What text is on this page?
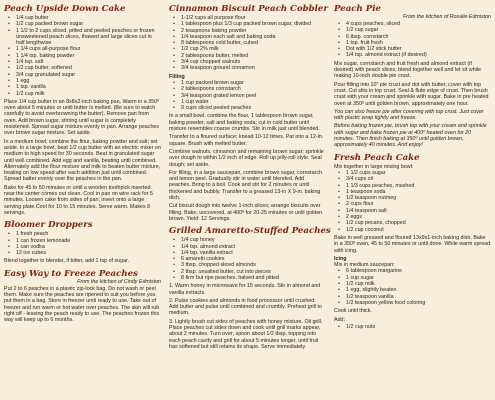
Peach Upside Down Cake
• 1/4 cup butter
• 1/2 cup packed brown sugar
• 1 1/2 to 2 cups sliced, pitted and peeled peaches or frozen unsweetened peach slices, thawed and large slices cut in half lengthwise
• 1 1/4 cups all-purpose flour
• 1 1/4 tsp. baking powder
• 1/4 tsp. salt
• 1/2 cup butter, softened
• 3/4 cup granulated sugar
• 1 egg
• 1 tsp. vanilla
• 1/2 cup milk

Place 1/4 cup butter in an 8x8x2-inch baking pan. Warm in a 350º oven about 5 minutes or until butter is melted. (Be sure to watch carefully to avoid overbrowning the butter). Remove pan from oven. Add brown sugar, stirring until sugar is completely moistened. Spread sugar mixture evenly in pan. Arrange peaches over brown sugar mixture. Set aside.

In a medium bowl, combine the flour, baking powder and salt; set aside. In a large bowl, beat 1/2 cup butter with an electric mixer on medium to high speed for 30 seconds. Beat in granulated sugar until well combined. Add egg and vanilla, beating until combined. Alternately add the flour mixture and milk to beaten butter mixture, beating on low speed after each addition just until combined. Spread batter evenly over the peaches in the pan.

Bake for 45 to 50 minutes or until a wooden toothpick inserted near the center comes out clean. Cool in pan on wire rack for 5 minutes. Loosen cake from sides of pan; invert onto a large serving plate.Cool for 10 to 15 minutes. Serve warm. Makes 8 servings.

Bloomer Droppers
• 1 fresh peach
• 1 can frozen lemonade
• 1 can vodka
• 12 ice cubes

Blend together in blender, if bitter, add 1 tsp of sugar.

Easy Way to Freeze Peaches
From the kitchen of Cindy Edmiston

Put 2 to 6 peaches in a plastic zip-lock bag. Do not wash or peel them. Make sure the peaches are ripened to suit you before you put them in a bag. Store in freezer until ready to use. Take out of freezer and run warm or hot water over peaches. The skin will rub right off - leaving the peach ready to use. The peaches frozen this way will keep up to 6 months.

Cinnamon Biscuit Peach Cobbler
• 1-1/2 cups all purpose flour
• 1 tablespoon plus 1/3 cup packed brown sugar, divided
• 2 teaspoons baking powder
• 1/4 teaspoon each salt and baking soda
• 8 tablespoons cold butter, cubed
• 1/2 cup 2% milk
• 2 tablespoons butter, melted
• 3/4 cup chopped walnuts
• 3/4 teaspoon ground cinnamon
Filling
• 1 cup packed brown sugar
• 2 tablespoons cornstarch
• 3/4 teaspoon grated lemon peel
• 1 cup water
• 9 cups sliced peeled peaches

In a small bowl, combine the flour, 1 tablespoon brown sugar, baking powder, salt and baking soda; cut in cold butter until mixture resembles coarse crumbs. Stir in milk just until blended.

Transfer to a floured surface; knead 10-12 times. Pat into a 12-in. square. Brush with melted butter.

Combine walnuts, cinnamon and remaining brown sugar; sprinkle over dough to within 1/2 inch of edge. Roll up jelly-roll style. Seal dough; set aside.

For filling, in a large saucepan, combine brown sugar, cornstarch and lemon peel. Gradually stir in water until blended. Add peaches. Bring to a boil. Cook and stir for 2 minutes or until thickened and bubbly. Transfer to a greased 13-in X 9-in. baking dish.

Cut biscuit dough into twelve 1-inch slices; arrange biscuits over filling. Bake, uncovered, at 400º for 20-25 minutes or until golden brown. Yield: 12 Servings.

Grilled Amaretto-Stuffed Peaches
• 1/4 cup honey
• 1/4 tsp. almond extract
• 1/4 tsp. vanilla extract
• 6 amaretti cookies
• 3 tbsp. chopped sliced almonds
• 2 tbsp. unsalted butter, cut into pieces
• 8 firm but ripe peaches, halved and pitted

1. Warm honey in microwave for 15 seconds. Stir in almond and vanilla extracts.

2. Pulse cookies and almonds in food processor until crushed. Add butter and pulse until combined and crumbly. Preheat grill to medium.

3. Lightly brush cut sides of peaches with honey mixture. Oil grill. Place peaches cut sides down and cook until grill marks appear, about 2 minutes. Turn over; spoon about 1/2 tbsp. topping into each peach cavity and grill for about 5 minutes longer, until fruit has softened but still retains its shape. Serve immediately.

Peach Pie
From the kitchen of Rosalie Edmiston
• 4 cups peaches, sliced
• 1/2 cup sugar
• 6 tbsp. cornstarch
• 1 tsp. fruit fresh
• Dot with 1/2 stick butter
• 1/4 tsp. almond extract (if desired)

Mix sugar, cornstarch and fruit fresh and almond extract (if desired) with peach slices, blend together well and let sit while making 10-inch double pie crust.

Pour filling into 10" pie crust and dot with butter, cover with top crust. Cut slits in top crust. Seal & flute edge of crust. Then brush crust with your cream and sprinkle with sugar. Bake in pre heated oven at 350º until golden brown, approximately one hour.

You can also freeze pie after covering with top crust. Just cover with plastic wrap tightly and freeze.

Before baking frozen pie, brush top with your cream and sprinkle with sugar and bake frozen pie at 400º heated oven for 20 minutes. Then finish baking at 350º until golden brown, approximately 40 minutes. And enjoy!

Fresh Peach Cake
Mix together in large mixing bowl:
• 1 1/2 cups sugar
• 3/4 cups oil
• 1 1/3 cups peaches, mashed
• 1 teaspoon soda
• 1/2 teaspoon nutmeg
• 2 cups flour
• 1/4 teaspoon salt
• 2 eggs
• 1/2 cup pecans, chopped
• 1/2 cup coconut

Bake in well greased and floured 13x9x1-inch baking dish. Bake in a 350º oven, 45 to 50 minutes or until done. While warm spread with icing.

Icing
Mix in medium saucepan:
• 6 tablespoon margarine
• 1 cup sugar
• 1/2 cup milk
• 1 egg, slightly beaten
• 1/2 teaspoon vanilla
• 1/2 teaspoon yellow food coloring
Cook until thick.
Add:
• 1/2 cup nuts
